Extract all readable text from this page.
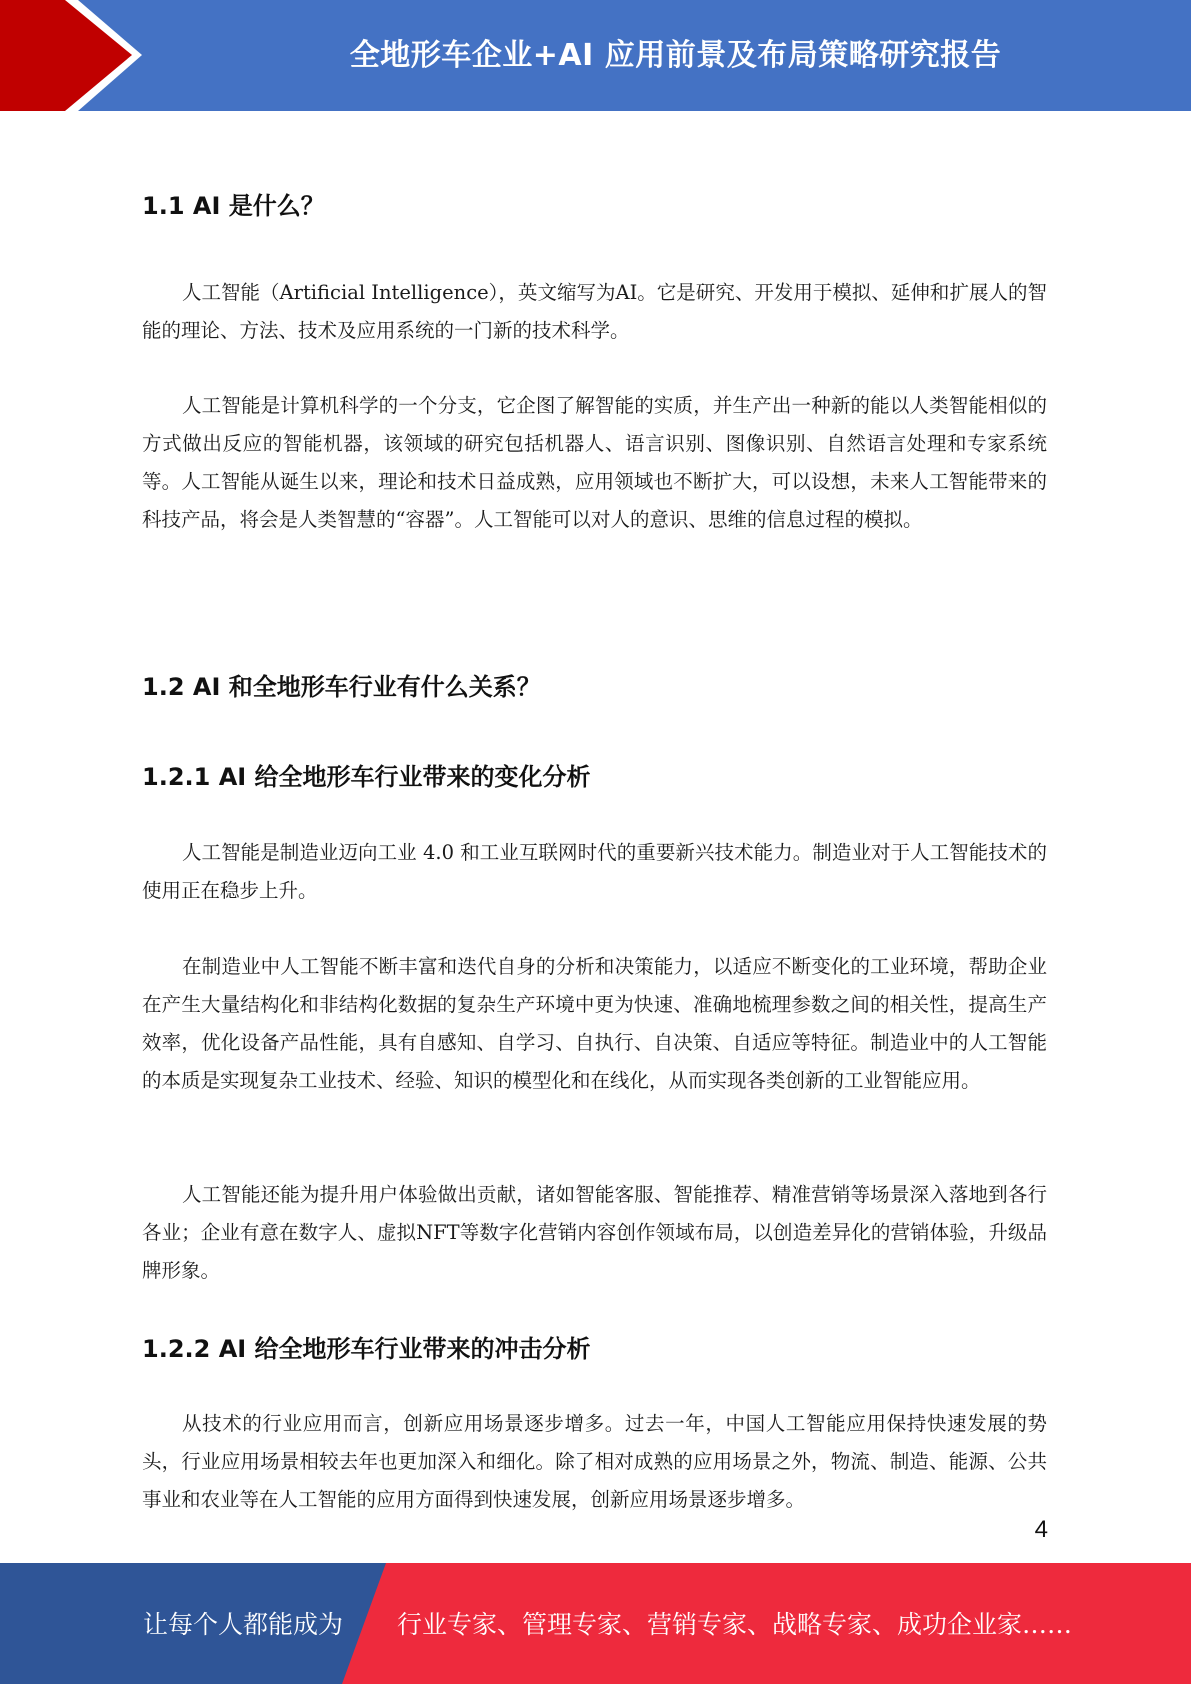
全地形车企业+AI 应用前景及布局策略研究报告
1.1 AI 是什么？
人工智能（Artificial Intelligence），英文缩写为AI。它是研究、开发用于模拟、延伸和扩展人的智能的理论、方法、技术及应用系统的一门新的技术科学。
人工智能是计算机科学的一个分支，它企图了解智能的实质，并生产出一种新的能以人类智能相似的方式做出反应的智能机器，该领域的研究包括机器人、语言识别、图像识别、自然语言处理和专家系统等。人工智能从诞生以来，理论和技术日益成熟，应用领域也不断扩大，可以设想，未来人工智能带来的科技产品，将会是人类智慧的“容器”。人工智能可以对人的意识、思维的信息过程的模拟。
1.2 AI 和全地形车行业有什么关系？
1.2.1 AI 给全地形车行业带来的变化分析
人工智能是制造业迈向工业 4.0 和工业互联网时代的重要新兴技术能力。制造业对于人工智能技术的使用正在稳步上升。
在制造业中人工智能不断丰富和迭代自身的分析和决策能力，以适应不断变化的工业环境，帮助企业在产生大量结构化和非结构化数据的复杂生产环境中更为快速、准确地梳理参数之间的相关性，提高生产效率，优化设备产品性能，具有自感知、自学习、自执行、自决策、自适应等特征。制造业中的人工智能的本质是实现复杂工业技术、经验、知识的模型化和在线化，从而实现各类创新的工业智能应用。
人工智能还能为提升用户体验做出贡献，诸如智能客服、智能推荐、精准营销等场景深入落地到各行各业；企业有意在数字人、虚拟NFT等数字化营销内容创作领域布局，以创造差异化的营销体验，升级品牌形象。
1.2.2 AI 给全地形车行业带来的冲击分析
从技术的行业应用而言，创新应用场景逐步增多。过去一年，中国人工智能应用保持快速发展的势头，行业应用场景相较去年也更加深入和细化。除了相对成熟的应用场景之外，物流、制造、能源、公共事业和农业等在人工智能的应用方面得到快速发展，创新应用场景逐步增多。
4
让每个人都能成为 行业专家、管理专家、营销专家、战略专家、成功企业家……
